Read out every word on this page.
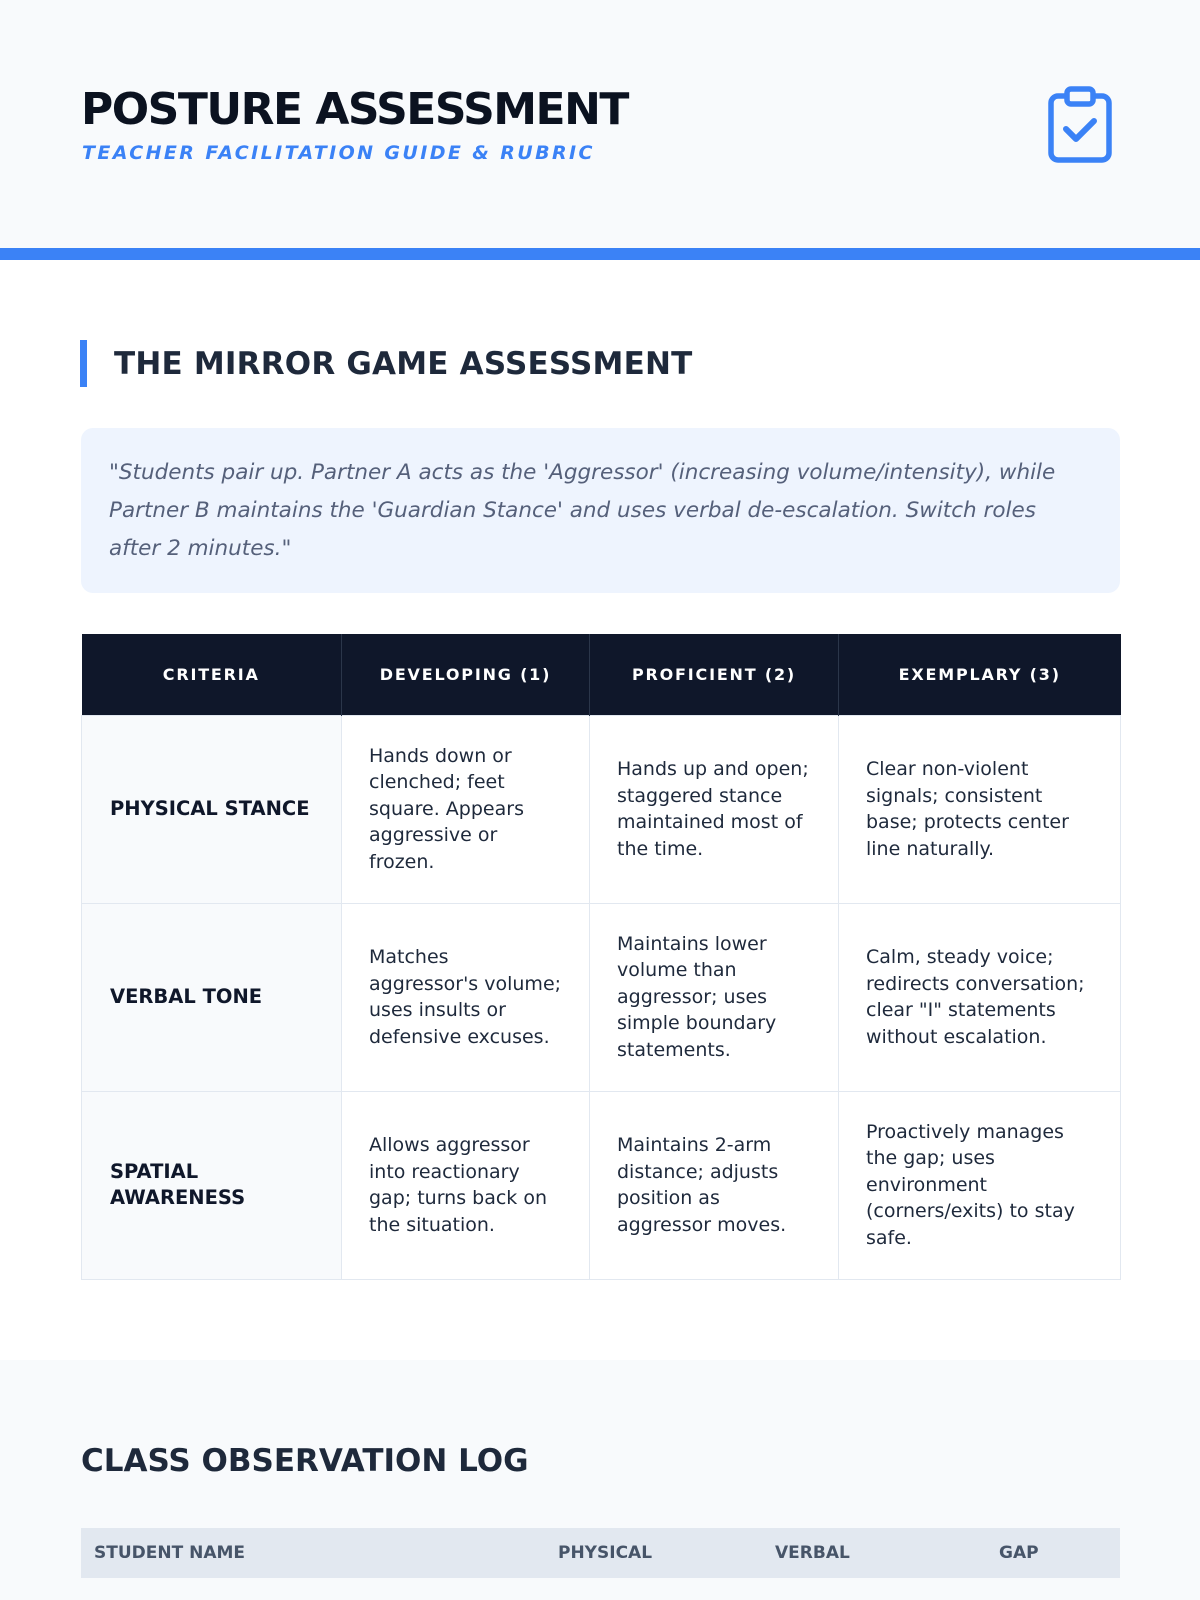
POSTURE ASSESSMENT
TEACHER FACILITATION GUIDE & RUBRIC
THE MIRROR GAME ASSESSMENT

"Students pair up. Partner A acts as the 'Aggressor' (increasing volume/intensity), while Partner B maintains the 'Guardian Stance' and uses verbal de-escalation. Switch roles after 2 minutes."

CRITERIA	DEVELOPING (1)	PROFICIENT (2)	EXEMPLARY (3)
PHYSICAL STANCE	Hands down or clenched; feet square. Appears aggressive or frozen.	Hands up and open; staggered stance maintained most of the time.	Clear non-violent signals; consistent base; protects center line naturally.
VERBAL TONE	Matches aggressor's volume; uses insults or defensive excuses.	Maintains lower volume than aggressor; uses simple boundary statements.	Calm, steady voice; redirects conversation; clear "I" statements without escalation.
SPATIAL AWARENESS	Allows aggressor into reactionary gap; turns back on the situation.	Maintains 2-arm distance; adjusts position as aggressor moves.	Proactively manages the gap; uses environment (corners/exits) to stay safe.
CLASS OBSERVATION LOG
STUDENT NAME	PHYSICAL	VERBAL	GAP
